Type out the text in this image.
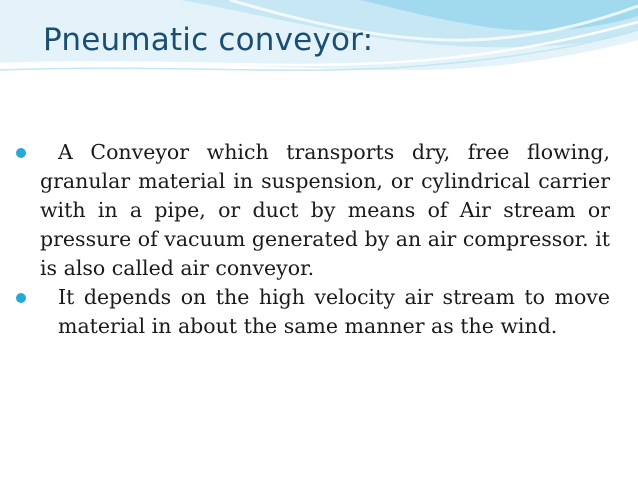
Pneumatic conveyor:
A Conveyor which transports dry, free flowing, granular material in suspension, or cylindrical carrier with in a pipe, or duct by means of Air stream or pressure of vacuum generated by an air compressor. it is also called air conveyor.
It depends on the high velocity air stream to move material in about the same manner as the wind.
